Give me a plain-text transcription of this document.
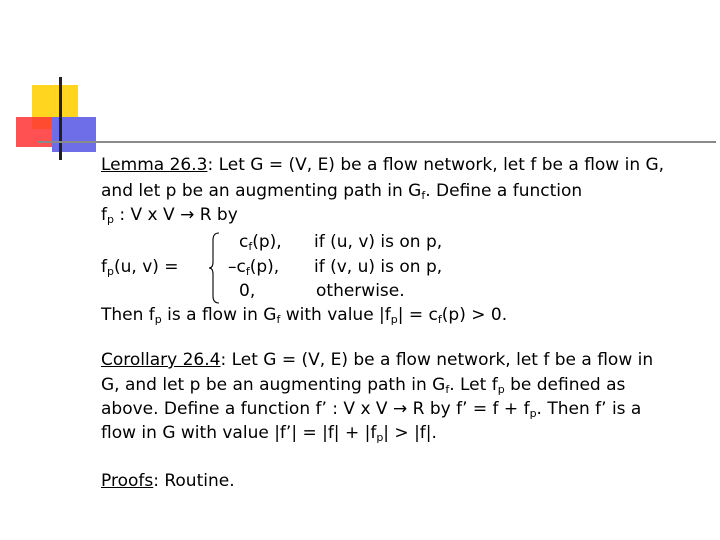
Lemma 26.3: Let G = (V, E) be a flow network, let f be a flow in G,
and let p be an augmenting path in $G_f$. Define a function
$f_p$ : V x V → R by
$f_p(u$, v) =
$c_f(p)$, if (u, v) is on p,
$-c_f(p)$, if (v, u) is on p,
0,	otherwise.
Then $f_p$ is a flow in $G_f$ with value $|f_p| = c_f(p) > 0$.
Corollary 26.4: Let G = (V, E) be a flow network, let f be a flow in
G, and let p be an augmenting path in $G_f$. Let $f_p$ be defined as
above. Define a function f’ : V x V → R by f’ = $f + f_p$. Then f’ is a
flow in G with value |f’| = $|f| + |f_p| > |f|$.
Proofs: Routine.
